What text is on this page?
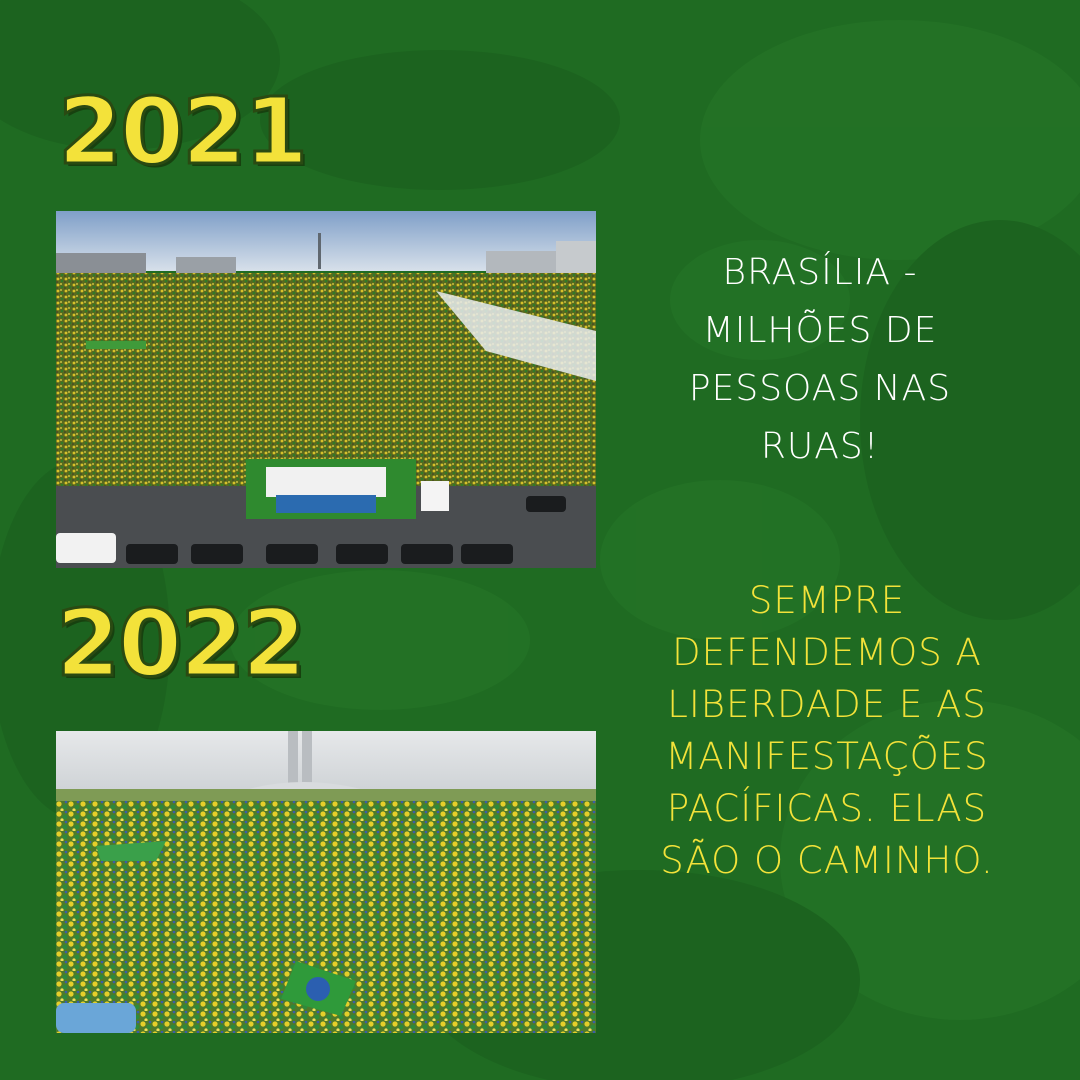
2021
2022
BRASÍLIA - MILHÕES DE PESSOAS NAS RUAS!
SEMPRE DEFENDEMOS A LIBERDADE E AS MANIFESTAÇÕES PACÍFICAS. ELAS SÃO O CAMINHO.
